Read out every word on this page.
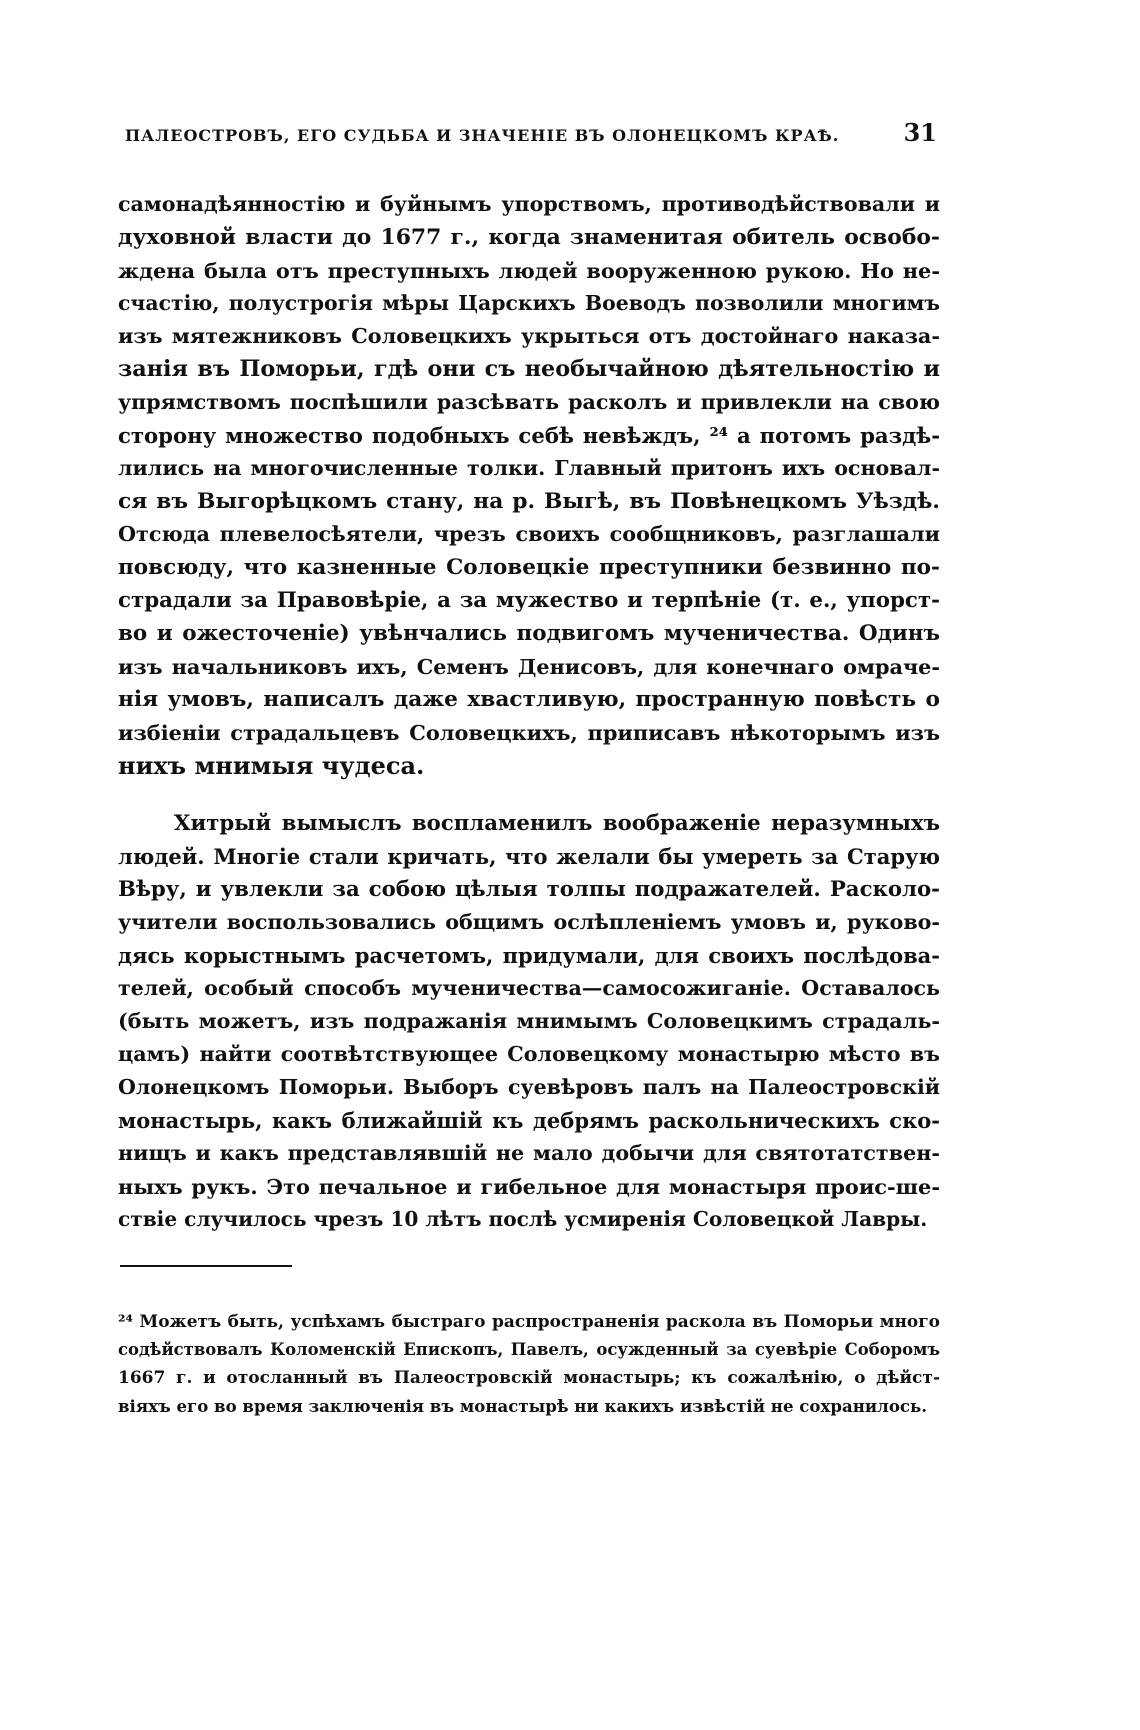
ПАЛЕОСТРОВЪ, ЕГО СУДЬБА И ЗНАЧЕНІЕ ВЪ ОЛОНЕЦКОМЪ КРАѢ.	31
самонадѣянностію и буйнымъ упорствомъ, противодѣйствовали и
духовной власти до 1677 г., когда знаменитая обитель освобо-
ждена была отъ преступныхъ людей вооруженною рукою. Но не-
счастію, полустрогія мѣры Царскихъ Воеводъ позволили многимъ
изъ мятежниковъ Соловецкихъ укрыться отъ достойнаго наказа-
занія въ Поморьи, гдѣ они съ необычайною дѣятельностію и
упрямствомъ поспѣшили разсѣвать расколъ и привлекли на свою
сторону множество подобныхъ себѣ невѣждъ, ²⁴ а потомъ раздѣ-
лились на многочисленные толки. Главный притонъ ихъ основал-
ся въ Выгорѣцкомъ стану, на р. Выгѣ, въ Повѣнецкомъ Уѣздѣ.
Отсюда плевелосѣятели, чрезъ своихъ сообщниковъ, разглашали
повсюду, что казненные Соловецкіе преступники безвинно по-
страдали за Правовѣріе, а за мужество и терпѣніе (т. е., упорст-
во и ожесточеніе) увѣнчались подвигомъ мученичества. Одинъ
изъ начальниковъ ихъ, Семенъ Денисовъ, для конечнаго омраче-
нія умовъ, написалъ даже хвастливую, пространную повѣсть о
избіеніи страдальцевъ Соловецкихъ, приписавъ нѣкоторымъ изъ
нихъ мнимыя чудеса.
Хитрый вымыслъ воспламенилъ воображеніе неразумныхъ
людей. Многіе стали кричать, что желали бы умереть за Старую
Вѣру, и увлекли за собою цѣлыя толпы подражателей. Расколо-
учители воспользовались общимъ ослѣпленіемъ умовъ и, руково-
дясь корыстнымъ расчетомъ, придумали, для своихъ послѣдова-
телей, особый способъ мученичества—самосожиганіе. Оставалось
(быть можетъ, изъ подражанія мнимымъ Соловецкимъ страдаль-
цамъ) найти соотвѣтствующее Соловецкому монастырю мѣсто въ
Олонецкомъ Поморьи. Выборъ суевѣровъ палъ на Палеостровскій
монастырь, какъ ближайшій къ дебрямъ раскольническихъ ско-
нищъ и какъ представлявшій не мало добычи для святотатствен-
ныхъ рукъ. Это печальное и гибельное для монастыря проис-ше-
ствіе случилось чрезъ 10 лѣтъ послѣ усмиренія Соловецкой Лавры.
²⁴ Можетъ быть, успѣхамъ быстраго распространенія раскола въ Поморьи много
содѣйствовалъ Коломенскій Епископъ, Павелъ, осужденный за суевѣріе Соборомъ
1667 г. и отосланный въ Палеостровскій монастырь; къ сожалѣнію, о дѣйст-
віяхъ его во время заключенія въ монастырѣ ни какихъ извѣстій не сохранилось.
